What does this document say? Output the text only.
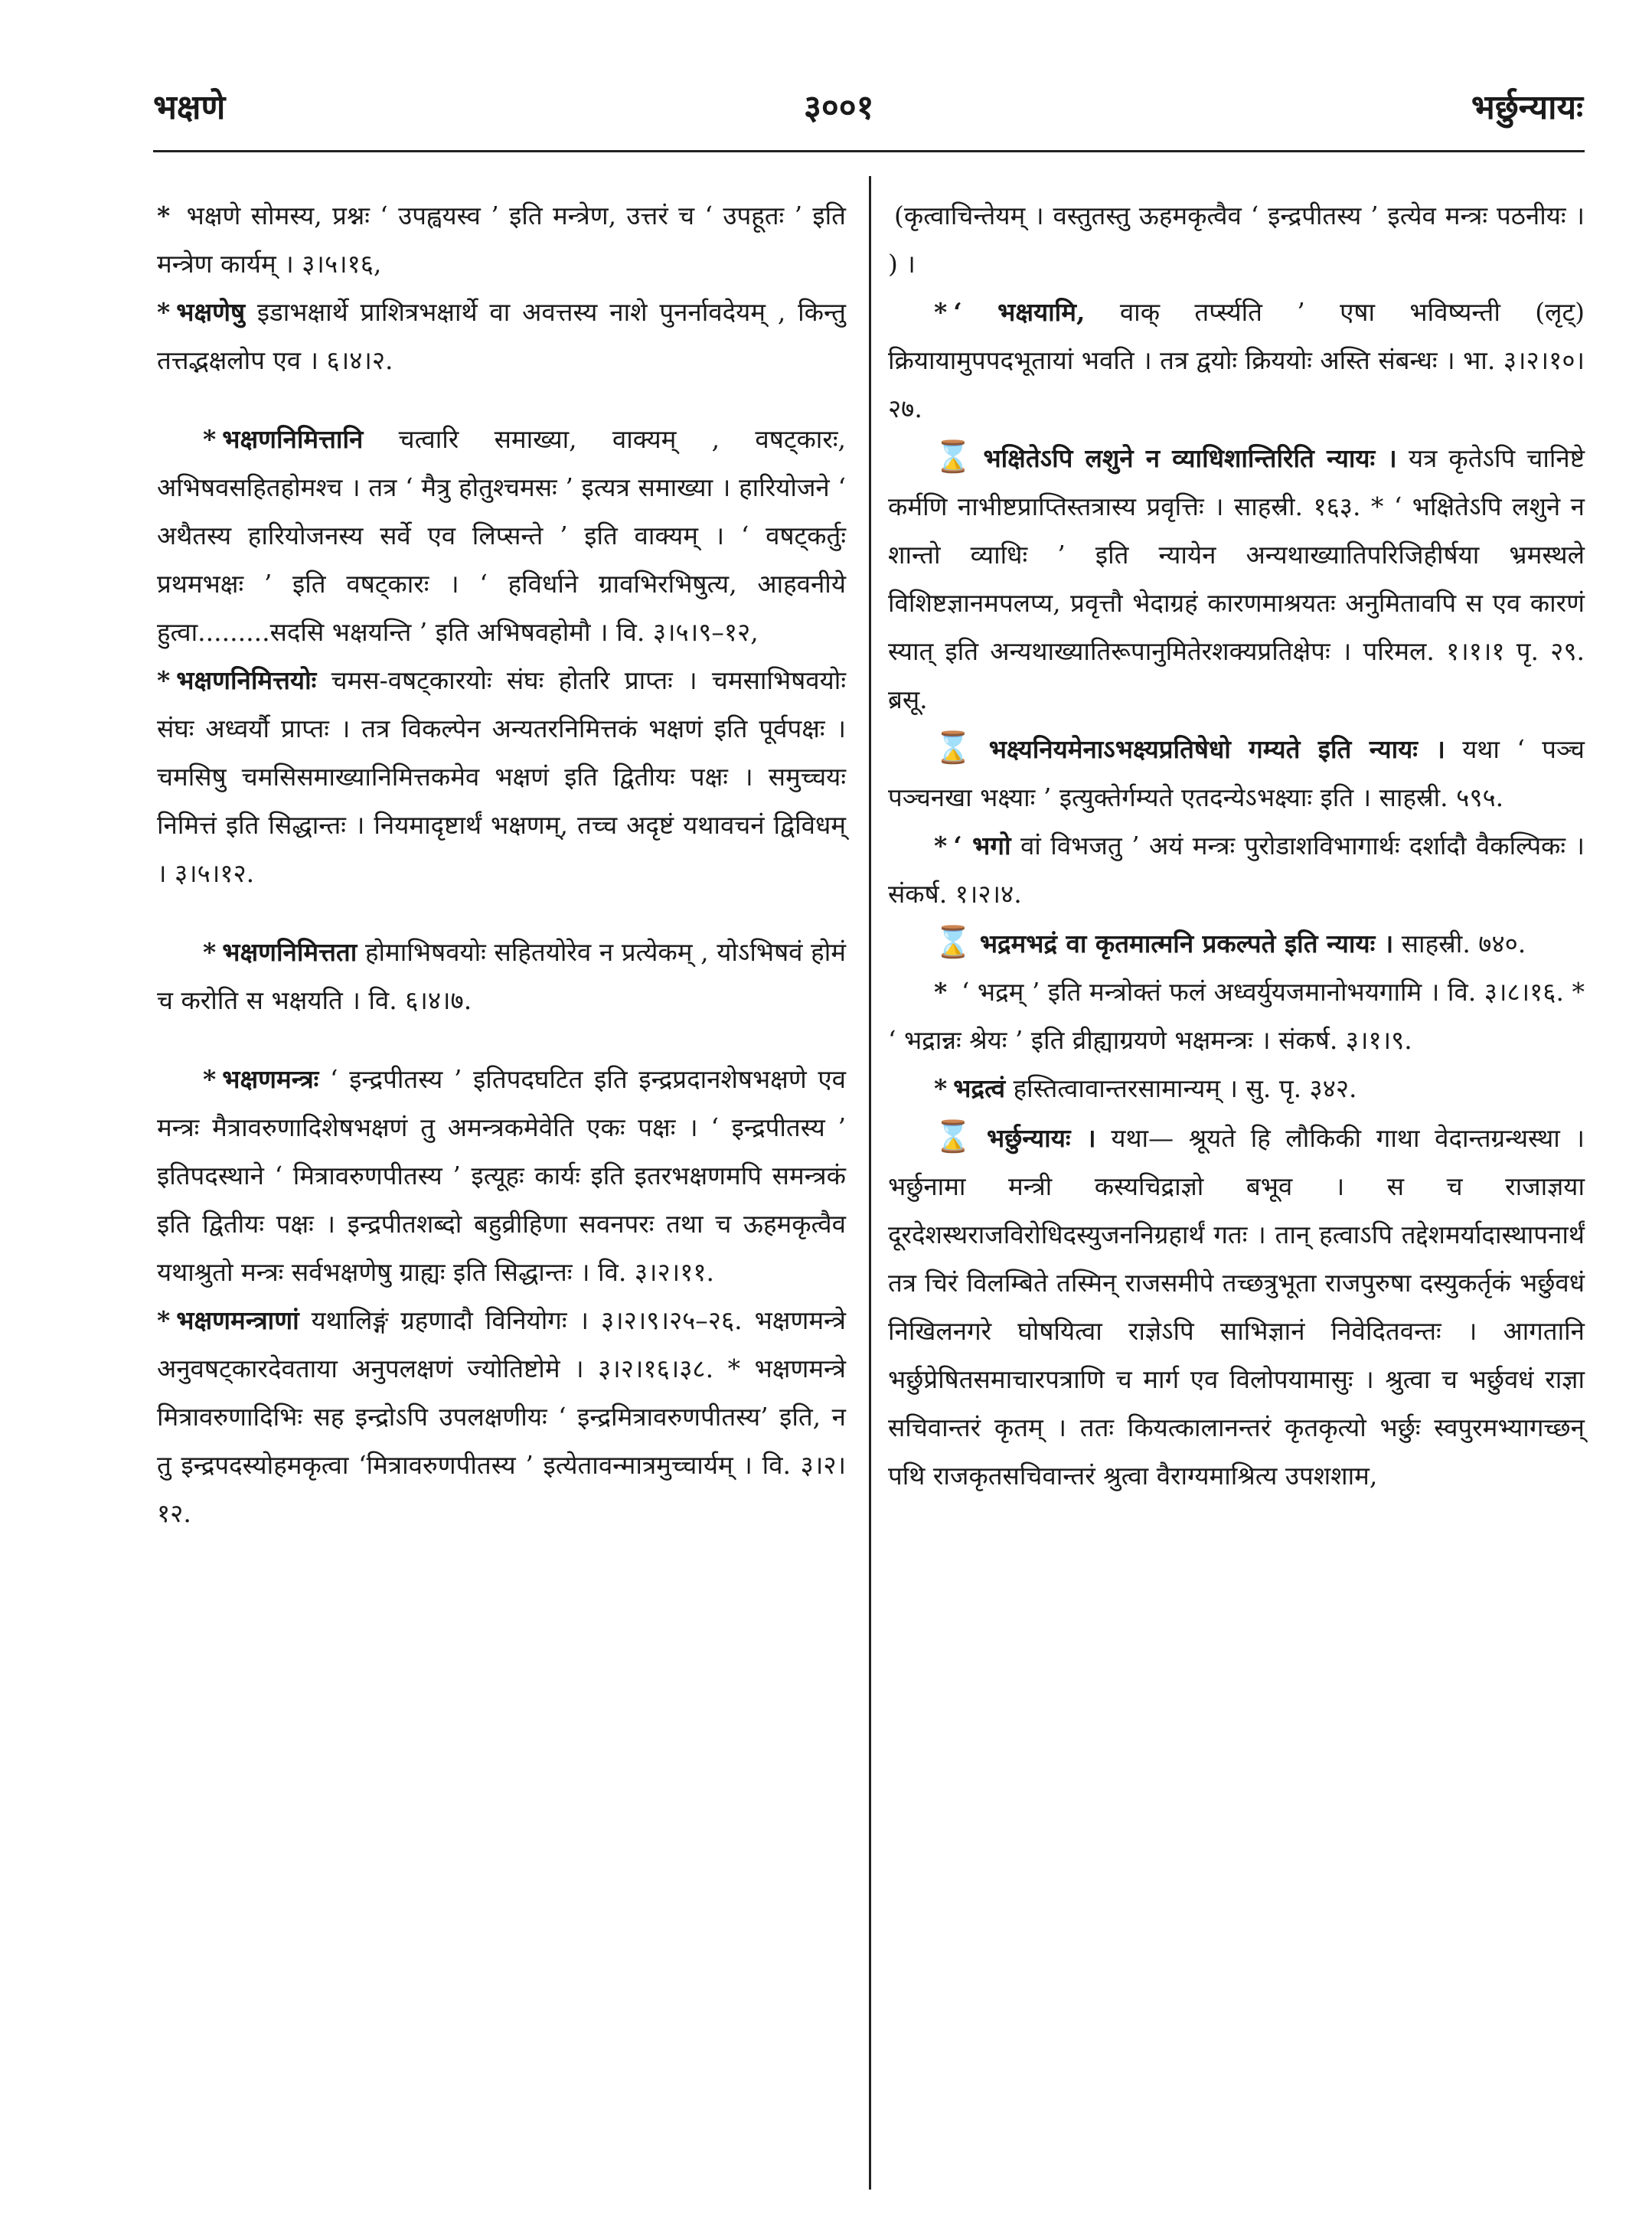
भक्षणे	३००१	भर्छुन्यायः

* भक्षणे सोमस्य, प्रश्नः ‘ उपह्वयस्व ’ इति मन्त्रेण, उत्तरं च ‘ उपहूतः ’ इति मन्त्रेण कार्यम् । ३।५।१६,

* भक्षणेषु इडाभक्षार्थे प्राशित्रभक्षार्थे वा अवत्तस्य नाशे पुनर्नावदेयम् , किन्तु तत्तद्भक्षलोप एव । ६।४।२.

* भक्षणनिमित्तानि चत्वारि समाख्या, वाक्यम् , वषट्कारः, अभिषवसहितहोमश्च । तत्र ‘ मैत्रु होतुश्चमसः ’ इत्यत्र समाख्या । हारियोजने ‘ अथैतस्य हारियोजनस्य सर्वे एव लिप्सन्ते ’ इति वाक्यम् । ‘ वषट्कर्तुः प्रथमभक्षः ’ इति वषट्कारः । ‘ हविर्धाने ग्रावभिरभिषुत्य, आहवनीये हुत्वा.........सदसि भक्षयन्ति ’ इति अभिषवहोमौ । वि. ३।५।९–१२,

* भक्षणनिमित्तयोः चमस-वषट्कारयोः संघः होतरि प्राप्तः । चमसाभिषवयोः संघः अध्वर्यौ प्राप्तः । तत्र विकल्पेन अन्यतरनिमित्तकं भक्षणं इति पूर्वपक्षः । चमसिषु चमसिसमाख्यानिमित्तकमेव भक्षणं इति द्वितीयः पक्षः । समुच्चयः निमित्तं इति सिद्धान्तः । नियमादृष्टार्थं भक्षणम्, तच्च अदृष्टं यथावचनं द्विविधम् । ३।५।१२.

* भक्षणनिमित्तता होमाभिषवयोः सहितयोरेव न प्रत्येकम् , योऽभिषवं होमं च करोति स भक्षयति । वि. ६।४।७.

* भक्षणमन्त्रः ‘ इन्द्रपीतस्य ’ इतिपदघटित इति इन्द्रप्रदानशेषभक्षणे एव मन्त्रः मैत्रावरुणादिशेषभक्षणं तु अमन्त्रकमेवेति एकः पक्षः । ‘ इन्द्रपीतस्य ’ इतिपदस्थाने ‘ मित्रावरुणपीतस्य ’ इत्यूहः कार्यः इति इतरभक्षणमपि समन्त्रकं इति द्वितीयः पक्षः । इन्द्रपीतशब्दो बहुव्रीहिणा सवनपरः तथा च ऊहमकृत्वैव यथाश्रुतो मन्त्रः सर्वभक्षणेषु ग्राह्यः इति सिद्धान्तः । वि. ३।२।११.

* भक्षणमन्त्राणां यथालिङ्गं ग्रहणादौ विनियोगः । ३।२।९।२५–२६. भक्षणमन्त्रे अनुवषट्कारदेवताया अनुपलक्षणं ज्योतिष्टोमे । ३।२।१६।३८. * भक्षणमन्त्रे मित्रावरुणादिभिः सह इन्द्रोऽपि उपलक्षणीयः ‘ इन्द्रमित्रावरुणपीतस्य’ इति, न तु इन्द्रपदस्योहमकृत्वा ‘मित्रावरुणपीतस्य ’ इत्येतावन्मात्रमुच्चार्यम् । वि. ३।२।१२.

(कृत्वाचिन्तेयम् । वस्तुतस्तु ऊहमकृत्वैव ‘ इन्द्रपीतस्य ’ इत्येव मन्त्रः पठनीयः । ) ।

* ‘ भक्षयामि, वाक् तर्प्स्यति ’ एषा भविष्यन्ती (लृट्) क्रियायामुपपदभूतायां भवति । तत्र द्वयोः क्रिययोः अस्ति संबन्धः । भा. ३।२।१०।२७.

⌛ भक्षितेऽपि लशुने न व्याधिशान्तिरिति न्यायः । यत्र कृतेऽपि चानिष्टे कर्मणि नाभीष्टप्राप्तिस्तत्रास्य प्रवृत्तिः । साहस्री. १६३. * ‘ भक्षितेऽपि लशुने न शान्तो व्याधिः ’ इति न्यायेन अन्यथाख्यातिपरिजिहीर्षया भ्रमस्थले विशिष्टज्ञानमपलप्य, प्रवृत्तौ भेदाग्रहं कारणमाश्रयतः अनुमितावपि स एव कारणं स्यात् इति अन्यथाख्यातिरूपानुमितेरशक्यप्रतिक्षेपः । परिमल. १।१।१ पृ. २९. ब्रसू.

⌛ भक्ष्यनियमेनाऽभक्ष्यप्रतिषेधो गम्यते इति न्यायः । यथा ‘ पञ्च पञ्चनखा भक्ष्याः ’ इत्युक्तेर्गम्यते एतदन्येऽभक्ष्याः इति । साहस्री. ५९५.

* ‘ भगो वां विभजतु ’ अयं मन्त्रः पुरोडाशविभागार्थः दर्शादौ वैकल्पिकः । संकर्ष. १।२।४.

⌛ भद्रमभद्रं वा कृतमात्मनि प्रकल्पते इति न्यायः । साहस्री. ७४०.

* ‘ भद्रम् ’ इति मन्त्रोक्तं फलं अध्वर्युयजमानोभयगामि । वि. ३।८।१६. * ‘ भद्रान्नः श्रेयः ’ इति व्रीह्याग्रयणे भक्षमन्त्रः । संकर्ष. ३।१।९.

* भद्रत्वं हस्तित्वावान्तरसामान्यम् । सु. पृ. ३४२.

⌛ भर्छुन्यायः । यथा— श्रूयते हि लौकिकी गाथा वेदान्तग्रन्थस्था । भर्छुनामा मन्त्री कस्यचिद्राज्ञो बभूव । स च राजाज्ञया दूरदेशस्थराजविरोधिदस्युजननिग्रहार्थं गतः । तान् हत्वाऽपि तद्देशमर्यादास्थापनार्थं तत्र चिरं विलम्बिते तस्मिन् राजसमीपे तच्छत्रुभूता राजपुरुषा दस्युकर्तृकं भर्छुवधं निखिलनगरे घोषयित्वा राज्ञेऽपि साभिज्ञानं निवेदितवन्तः । आगतानि भर्छुप्रेषितसमाचारपत्राणि च मार्ग एव विलोपयामासुः । श्रुत्वा च भर्छुवधं राज्ञा सचिवान्तरं कृतम् । ततः कियत्कालानन्तरं कृतकृत्यो भर्छुः स्वपुरमभ्यागच्छन् पथि राजकृतसचिवान्तरं श्रुत्वा वैराग्यमाश्रित्य उपशशाम,
